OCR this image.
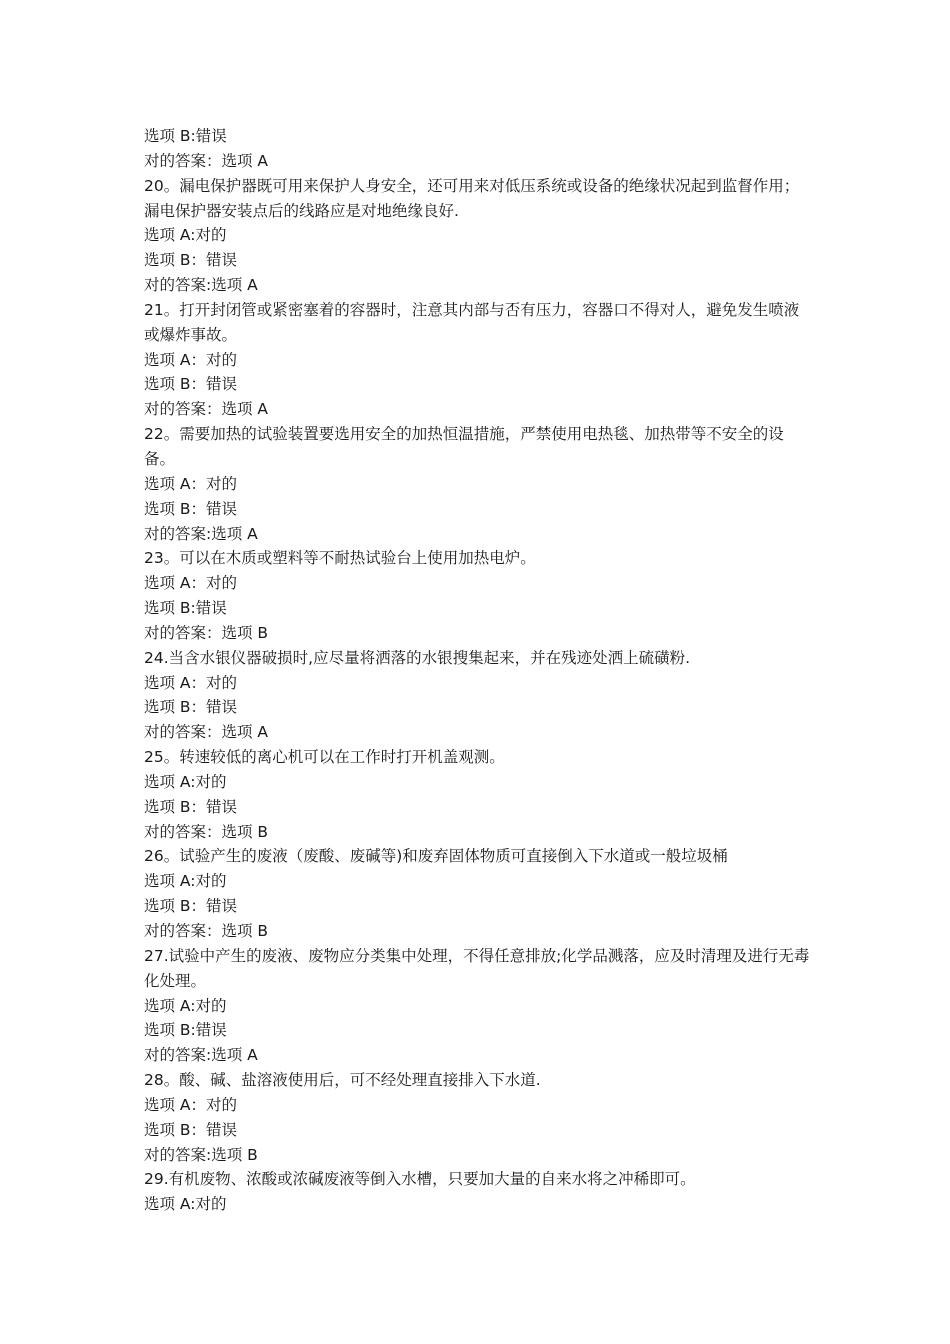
选项 B:错误

对的答案：选项 A

20。漏电保护器既可用来保护人身安全，还可用来对低压系统或设备的绝缘状况起到监督作用；漏电保护器安装点后的线路应是对地绝缘良好.

选项 A:对的

选项 B：错误

对的答案:选项 A

21。打开封闭管或紧密塞着的容器时，注意其内部与否有压力，容器口不得对人，避免发生喷液或爆炸事故。

选项 A：对的

选项 B：错误

对的答案：选项 A

22。需要加热的试验装置要选用安全的加热恒温措施，严禁使用电热毯、加热带等不安全的设备。

选项 A：对的

选项 B：错误

对的答案:选项 A

23。可以在木质或塑料等不耐热试验台上使用加热电炉。

选项 A：对的

选项 B:错误

对的答案：选项 B

24.当含水银仪器破损时,应尽量将洒落的水银搜集起来，并在残迹处洒上硫磺粉.

选项 A：对的

选项 B：错误

对的答案：选项 A

25。转速较低的离心机可以在工作时打开机盖观测。

选项 A:对的

选项 B：错误

对的答案：选项 B

26。试验产生的废液（废酸、废碱等)和废弃固体物质可直接倒入下水道或一般垃圾桶

选项 A:对的

选项 B：错误

对的答案：选项 B

27.试验中产生的废液、废物应分类集中处理，不得任意排放;化学品溅落，应及时清理及进行无毒化处理。

选项 A:对的

选项 B:错误

对的答案:选项 A

28。酸、碱、盐溶液使用后，可不经处理直接排入下水道.

选项 A：对的

选项 B：错误

对的答案:选项 B

29.有机废物、浓酸或浓碱废液等倒入水槽，只要加大量的自来水将之冲稀即可。

选项 A:对的
